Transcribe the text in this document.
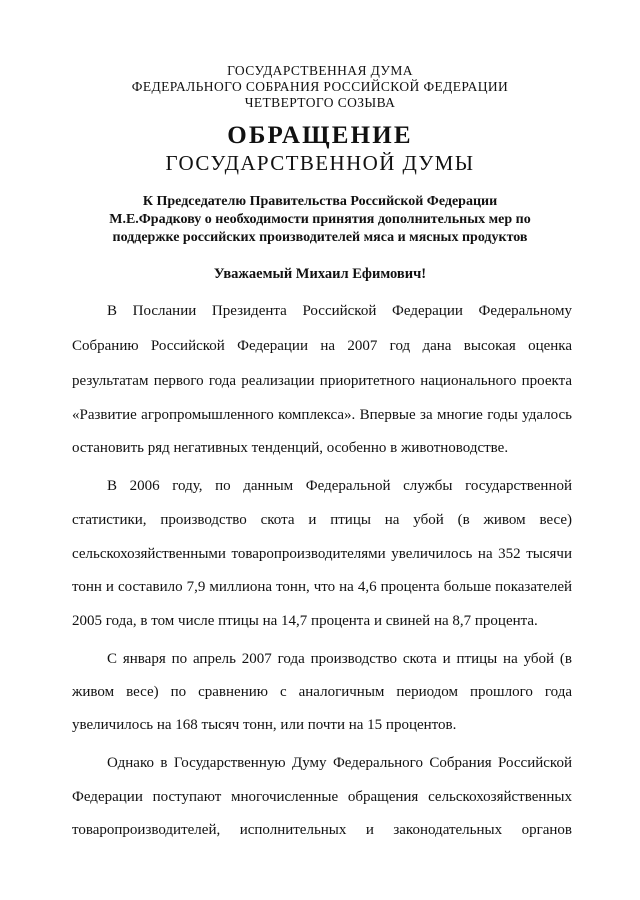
ГОСУДАРСТВЕННАЯ ДУМА
ФЕДЕРАЛЬНОГО СОБРАНИЯ РОССИЙСКОЙ ФЕДЕРАЦИИ
ЧЕТВЕРТОГО СОЗЫВА
ОБРАЩЕНИЕ
ГОСУДАРСТВЕННОЙ ДУМЫ
К Председателю Правительства Российской Федерации
М.Е.Фрадкову о необходимости принятия дополнительных мер по
поддержке российских производителей мяса и мясных продуктов
Уважаемый Михаил Ефимович!
В Послании Президента Российской Федерации Федеральному
Собранию Российской Федерации на 2007 год дана высокая оценка
результатам первого года реализации приоритетного национального проекта
«Развитие агропромышленного комплекса». Впервые за многие годы удалось
остановить ряд негативных тенденций, особенно в животноводстве.
В 2006 году, по данным Федеральной службы государственной
статистики, производство скота и птицы на убой (в живом весе)
сельскохозяйственными товаропроизводителями увеличилось на 352 тысячи
тонн и составило 7,9 миллиона тонн, что на 4,6 процента больше показателей
2005 года, в том числе птицы на 14,7 процента и свиней на 8,7 процента.
С января по апрель 2007 года производство скота и птицы на убой (в
живом весе) по сравнению с аналогичным периодом прошлого года
увеличилось на 168 тысяч тонн, или почти на 15 процентов.
Однако в Государственную Думу Федерального Собрания Российской
Федерации поступают многочисленные обращения сельскохозяйственных
товаропроизводителей, исполнительных и законодательных органов
